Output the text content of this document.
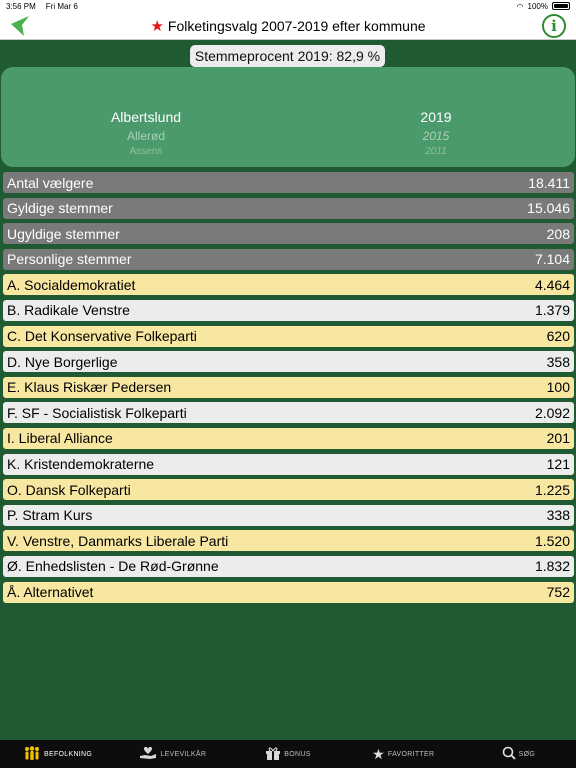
3:56 PM Fri Mar 6	◠ 100%
★ Folketingsvalg 2007-2019 efter kommune	i
Stemmeprocent 2019: 82,9 %
Albertslund	2019
Allerød	2015
Assens	2011
Antal vælgere	18.411
Gyldige stemmer	15.046
Ugyldige stemmer	208
Personlige stemmer	7.104
A. Socialdemokratiet	4.464
B. Radikale Venstre	1.379
C. Det Konservative Folkeparti	620
D. Nye Borgerlige	358
E. Klaus Riskær Pedersen	100
F. SF - Socialistisk Folkeparti	2.092
I. Liberal Alliance	201
K. Kristendemokraterne	121
O. Dansk Folkeparti	1.225
P. Stram Kurs	338
V. Venstre, Danmarks Liberale Parti	1.520
Ø. Enhedslisten - De Rød-Grønne	1.832
Å. Alternativet	752
BEFOLKNING	LEVEVILKÅR	BONUS	★ FAVORITTER	SØG
